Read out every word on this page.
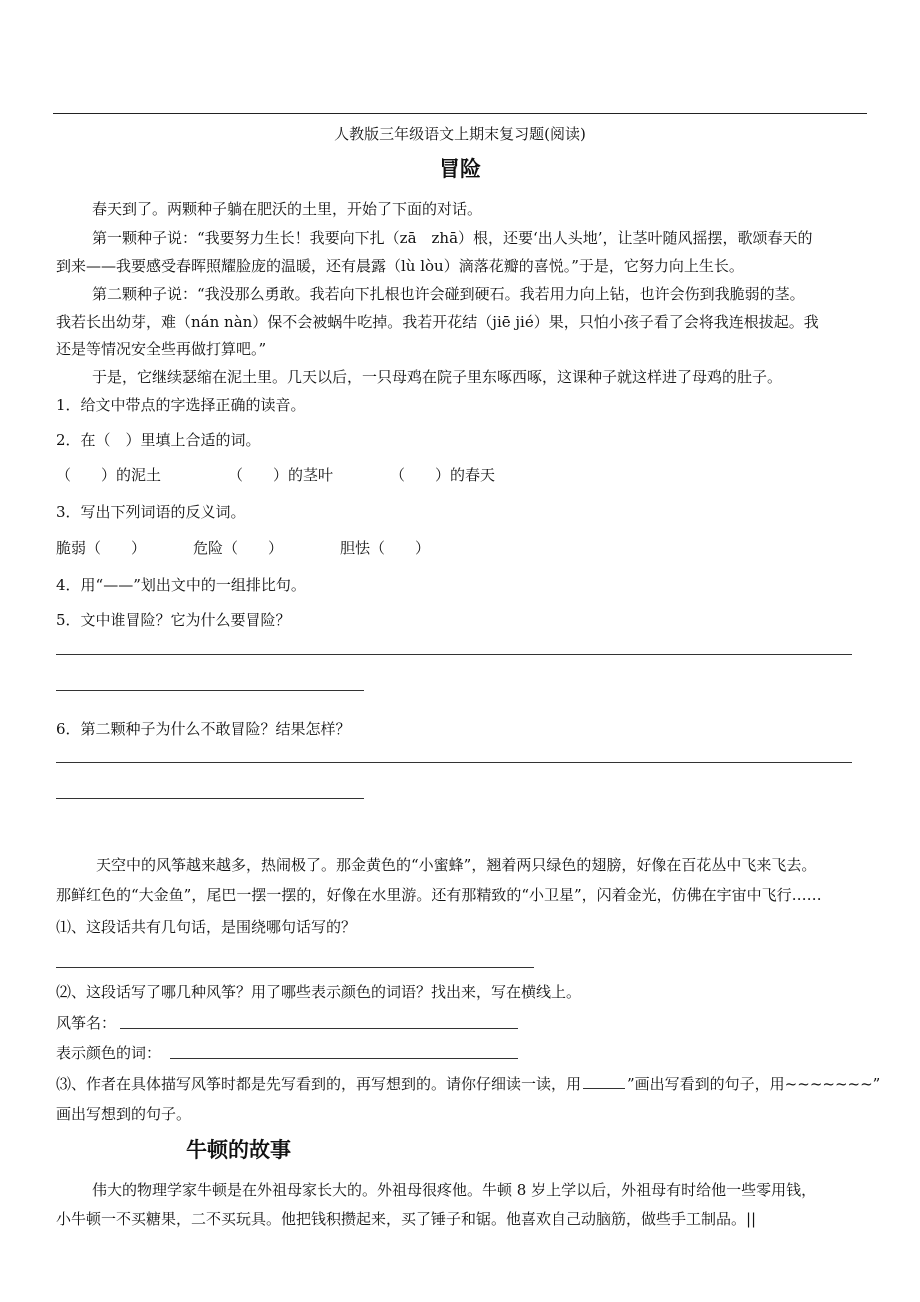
人教版三年级语文上期末复习题(阅读)
冒险
春天到了。两颗种子躺在肥沃的土里，开始了下面的对话。
第一颗种子说：“我要努力生长！我要向下扎（zā　zhā）根，还要‘出人头地’，让茎叶随风摇摆，歌颂春天的
到来——我要感受春晖照耀脸庞的温暖，还有晨露（lù lòu）滴落花瓣的喜悦。”于是，它努力向上生长。
第二颗种子说：“我没那么勇敢。我若向下扎根也许会碰到硬石。我若用力向上钻，也许会伤到我脆弱的茎。
我若长出幼芽，难（nán nàn）保不会被蜗牛吃掉。我若开花结（jiē jié）果，只怕小孩子看了会将我连根拔起。我
还是等情况安全些再做打算吧。”
于是，它继续瑟缩在泥土里。几天以后，一只母鸡在院子里东啄西啄，这课种子就这样进了母鸡的肚子。
1．给文中带点的字选择正确的读音。
2．在（　）里填上合适的词。
（　　）的泥土	（　　）的茎叶	（　　）的春天
3．写出下列词语的反义词。
脆弱（　　）	危险（　　）	胆怯（　　）
4．用“——”划出文中的一组排比句。
5．文中谁冒险？它为什么要冒险？
6．第二颗种子为什么不敢冒险？结果怎样？
天空中的风筝越来越多，热闹极了。那金黄色的“小蜜蜂”，翘着两只绿色的翅膀，好像在百花丛中飞来飞去。
那鲜红色的“大金鱼”，尾巴一摆一摆的，好像在水里游。还有那精致的“小卫星”，闪着金光，仿佛在宇宙中飞行……
⑴、这段话共有几句话，是围绕哪句话写的？
⑵、这段话写了哪几种风筝？用了哪些表示颜色的词语？找出来，写在横线上。
风筝名：
表示颜色的词：
⑶、作者在具体描写风筝时都是先写看到的，再写想到的。请你仔细读一读，用	”画出写看到的句子，用~~~~~~~”
画出写想到的句子。
牛顿的故事
伟大的物理学家牛顿是在外祖母家长大的。外祖母很疼他。牛顿 8 岁上学以后，外祖母有时给他一些零用钱，
小牛顿一不买糖果，二不买玩具。他把钱积攒起来，买了锤子和锯。他喜欢自己动脑筋，做些手工制品。||
